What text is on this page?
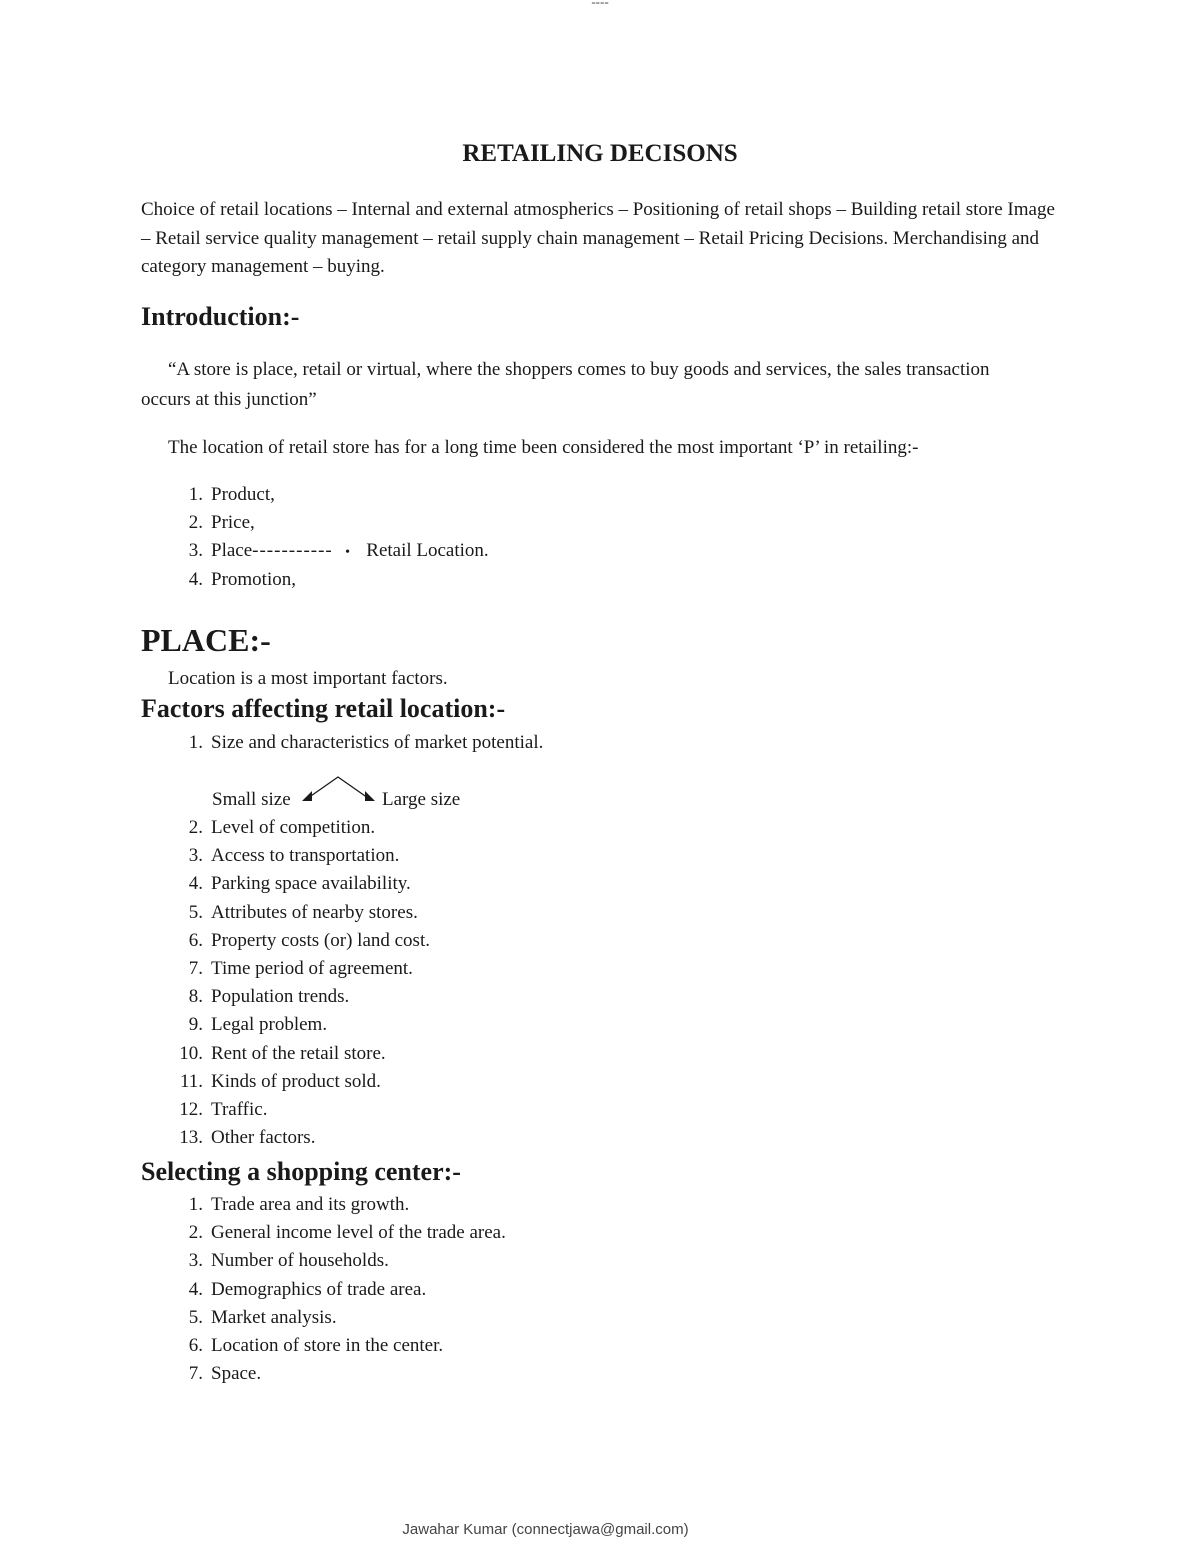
----
RETAILING DECISONS
Choice of retail locations – Internal and external atmospherics – Positioning of retail shops – Building retail store Image – Retail service quality management – retail supply chain management – Retail Pricing Decisions. Merchandising and category management – buying.
Introduction:-
“A store is place, retail or virtual, where the shoppers comes to buy goods and services, the sales transaction occurs at this junction”
The location of retail store has for a long time been considered the most important ‘P’ in retailing:-
1. Product,
2. Price,
3. Place----------- • Retail Location.
4. Promotion,
PLACE:-
Location is a most important factors.
Factors affecting retail location:-
1. Size and characteristics of market potential.
Small size	Large size
2. Level of competition.
3. Access to transportation.
4. Parking space availability.
5. Attributes of nearby stores.
6. Property costs (or) land cost.
7. Time period of agreement.
8. Population trends.
9. Legal problem.
10. Rent of the retail store.
11. Kinds of product sold.
12. Traffic.
13. Other factors.
Selecting a shopping center:-
1. Trade area and its growth.
2. General income level of the trade area.
3. Number of households.
4. Demographics of trade area.
5. Market analysis.
6. Location of store in the center.
7. Space.
Jawahar Kumar (connectjawa@gmail.com)
